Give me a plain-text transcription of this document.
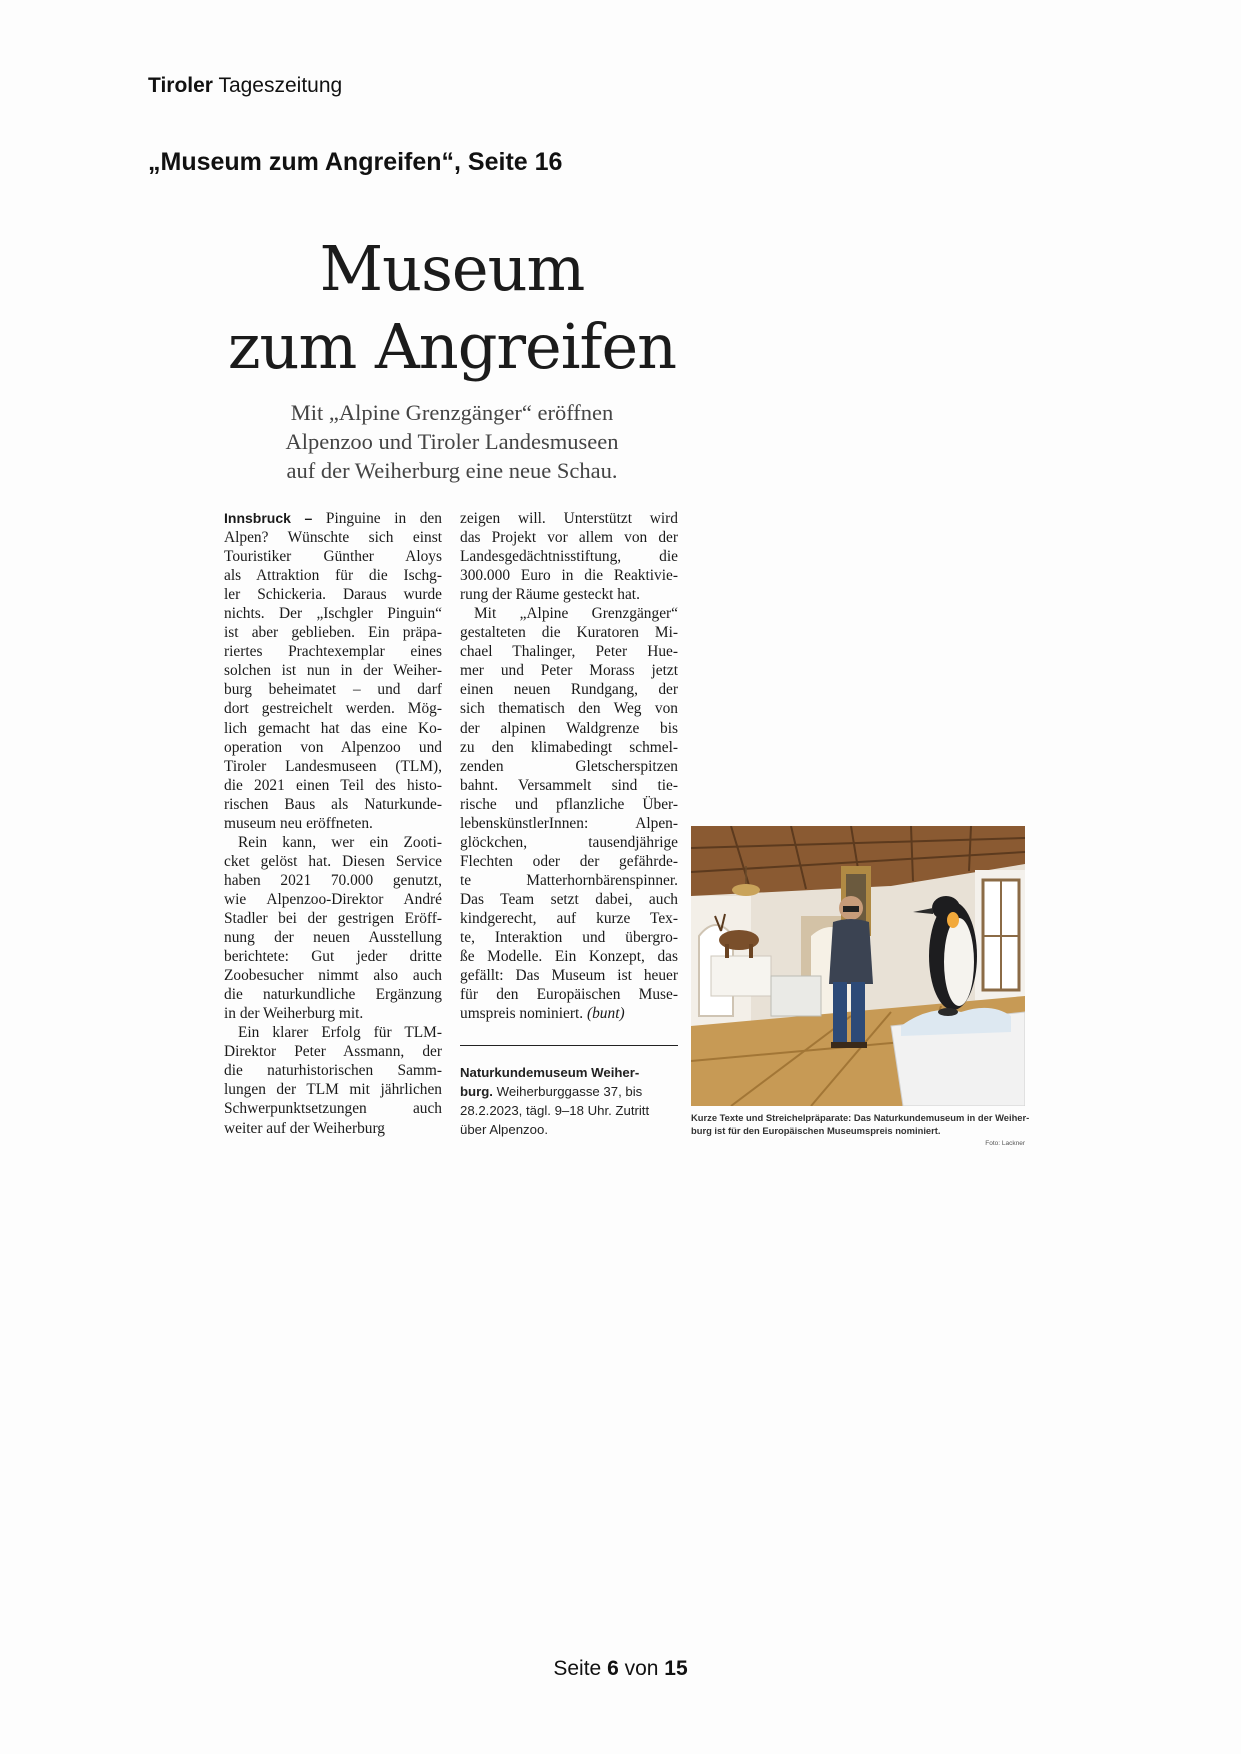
Tiroler Tageszeitung
„Museum zum Angreifen“, Seite 16
Museum
zum Angreifen
Mit „Alpine Grenzgänger“ eröffnen
Alpenzoo und Tiroler Landesmuseen
auf der Weiherburg eine neue Schau.
Innsbruck – Pinguine in den
Alpen? Wünschte sich einst
Touristiker Günther Aloys
als Attraktion für die Ischg-
ler Schickeria. Daraus wurde
nichts. Der „Ischgler Pinguin“
ist aber geblieben. Ein präpa-
riertes Prachtexemplar eines
solchen ist nun in der Weiher-
burg beheimatet – und darf
dort gestreichelt werden. Mög-
lich gemacht hat das eine Ko-
operation von Alpenzoo und
Tiroler Landesmuseen (TLM),
die 2021 einen Teil des histo-
rischen Baus als Naturkunde-
museum neu eröffneten.
Rein kann, wer ein Zooti-
cket gelöst hat. Diesen Service
haben 2021 70.000 genutzt,
wie Alpenzoo-Direktor André
Stadler bei der gestrigen Eröff-
nung der neuen Ausstellung
berichtete: Gut jeder dritte
Zoobesucher nimmt also auch
die naturkundliche Ergänzung
in der Weiherburg mit.
Ein klarer Erfolg für TLM-
Direktor Peter Assmann, der
die naturhistorischen Samm-
lungen der TLM mit jährlichen
Schwerpunktsetzungen auch
weiter auf der Weiherburg
zeigen will. Unterstützt wird
das Projekt vor allem von der
Landesgedächtnisstiftung, die
300.000 Euro in die Reaktivie-
rung der Räume gesteckt hat.
Mit „Alpine Grenzgänger“
gestalteten die Kuratoren Mi-
chael Thalinger, Peter Hue-
mer und Peter Morass jetzt
einen neuen Rundgang, der
sich thematisch den Weg von
der alpinen Waldgrenze bis
zu den klimabedingt schmel-
zenden Gletscherspitzen
bahnt. Versammelt sind tie-
rische und pflanzliche Über-
lebenskünstlerInnen: Alpen-
glöckchen, tausendjährige
Flechten oder der gefährde-
te Matterhornbärenspinner.
Das Team setzt dabei, auch
kindgerecht, auf kurze Tex-
te, Interaktion und übergro-
ße Modelle. Ein Konzept, das
gefällt: Das Museum ist heuer
für den Europäischen Muse-
umspreis nominiert. (bunt)
Naturkundemuseum Weiher-
burg. Weiherburggasse 37, bis
28.2.2023, tägl. 9–18 Uhr. Zutritt
über Alpenzoo.
Kurze Texte und Streichelpräparate: Das Naturkundemuseum in der Weiher-
burg ist für den Europäischen Museumspreis nominiert.
Foto: Lackner
Seite 6 von 15
